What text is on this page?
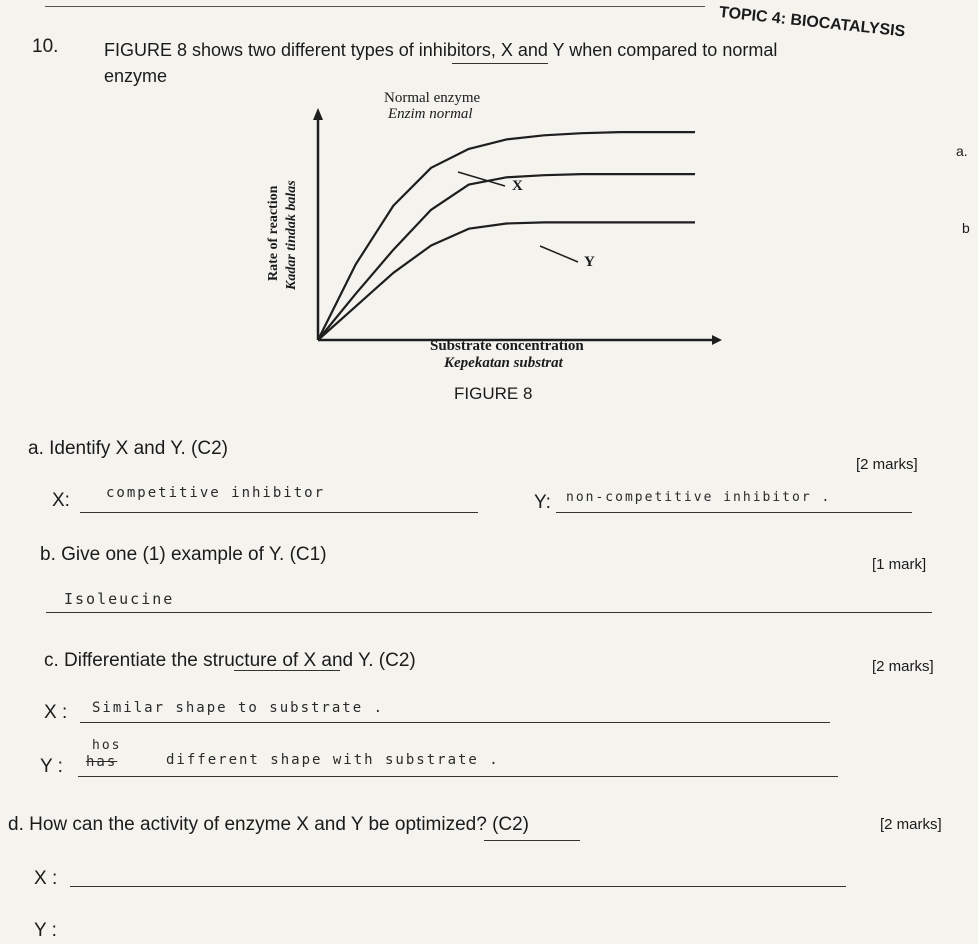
TOPIC 4: BIOCATALYSIS
10.	FIGURE 8 shows two different types of inhibitors, X and Y when compared to normal
enzyme
a.
b
Normal enzyme
Enzim normal
X
Y
Substrate concentration
Kepekatan substrat
Rate of reaction Kadar tindak balas
FIGURE 8
a. Identify X and Y. (C2)
[2 marks]
X:	competitive inhibitor	Y: non-competitive inhibitor .
b. Give one (1) example of Y. (C1)	[1 mark]
Isoleucine
c. Differentiate the structure of X and Y. (C2)	[2 marks]
X : Similar shape to substrate .
hos
Y : has	different shape with substrate .
d. How can the activity of enzyme X and Y be optimized? (C2)	[2 marks]
X :
Y :
